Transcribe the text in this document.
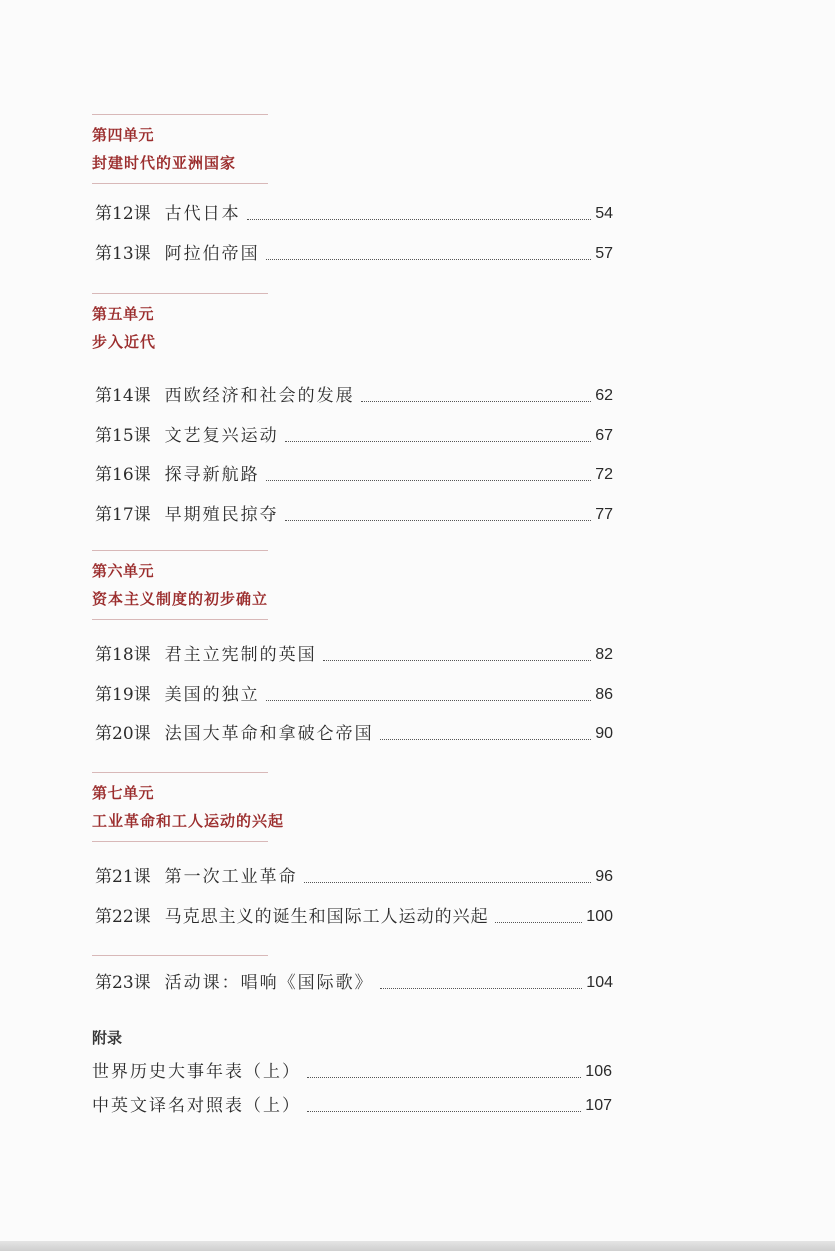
第四单元
封建时代的亚洲国家
第12课 古代日本	54
第13课 阿拉伯帝国	57
第五单元
步入近代
第14课 西欧经济和社会的发展	62
第15课 文艺复兴运动	67
第16课 探寻新航路	72
第17课 早期殖民掠夺	77
第六单元
资本主义制度的初步确立
第18课 君主立宪制的英国	82
第19课 美国的独立	86
第20课 法国大革命和拿破仑帝国	90
第七单元
工业革命和工人运动的兴起
第21课 第一次工业革命	96
第22课 马克思主义的诞生和国际工人运动的兴起	100
第23课 活动课：唱响《国际歌》	104
附录
世界历史大事年表（上）	106
中英文译名对照表（上）	107
